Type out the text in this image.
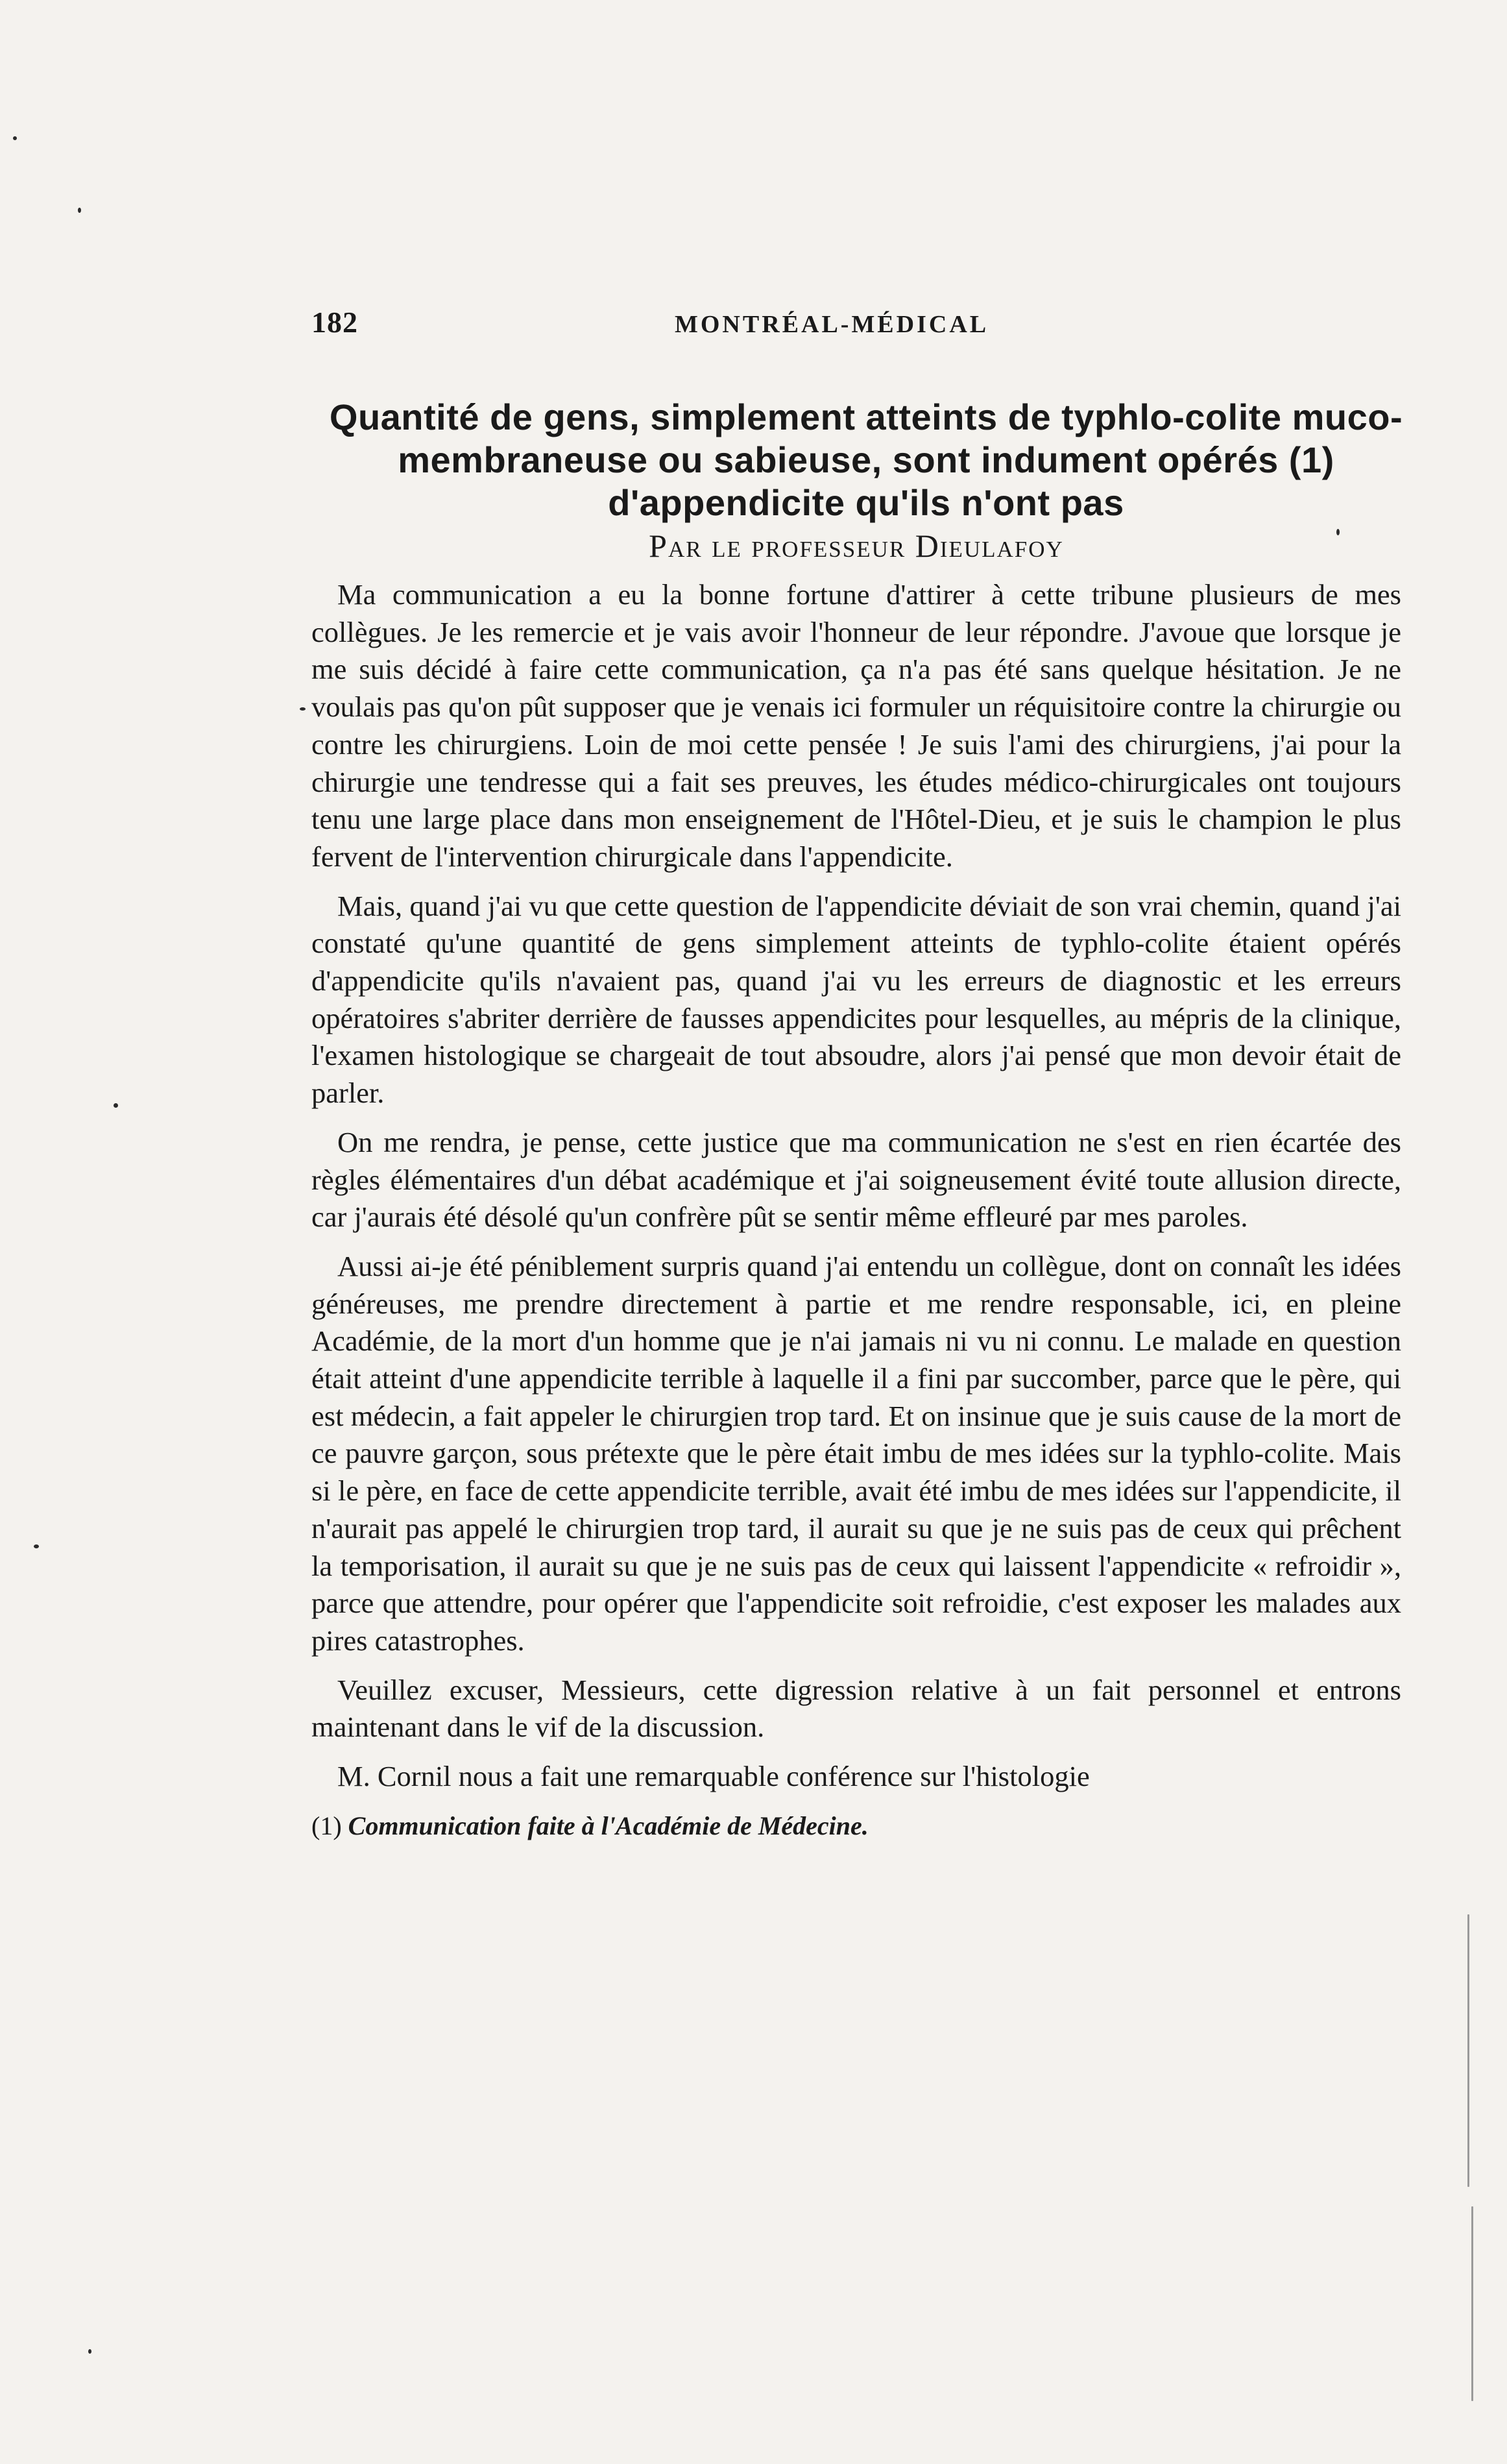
182	MONTRÉAL-MÉDICAL
Quantité de gens, simplement atteints de typhlo-colite muco-membraneuse ou sabieuse, sont indument opérés (1) d'appendicite qu'ils n'ont pas
Par le professeur Dieulafoy

Ma communication a eu la bonne fortune d'attirer à cette tribune plusieurs de mes collègues. Je les remercie et je vais avoir l'honneur de leur répondre. J'avoue que lorsque je me suis décidé à faire cette communication, ça n'a pas été sans quelque hésitation. Je ne voulais pas qu'on pût supposer que je venais ici formuler un réquisitoire contre la chirurgie ou contre les chirurgiens. Loin de moi cette pensée ! Je suis l'ami des chirurgiens, j'ai pour la chirurgie une tendresse qui a fait ses preuves, les études médico-chirurgicales ont toujours tenu une large place dans mon enseignement de l'Hôtel-Dieu, et je suis le champion le plus fervent de l'intervention chirurgicale dans l'appendicite.

Mais, quand j'ai vu que cette question de l'appendicite déviait de son vrai chemin, quand j'ai constaté qu'une quantité de gens simplement atteints de typhlo-colite étaient opérés d'appendicite qu'ils n'avaient pas, quand j'ai vu les erreurs de diagnostic et les erreurs opératoires s'abriter derrière de fausses appendicites pour lesquelles, au mépris de la clinique, l'examen histologique se chargeait de tout absoudre, alors j'ai pensé que mon devoir était de parler.

On me rendra, je pense, cette justice que ma communication ne s'est en rien écartée des règles élémentaires d'un débat académique et j'ai soigneusement évité toute allusion directe, car j'aurais été désolé qu'un confrère pût se sentir même effleuré par mes paroles.

Aussi ai-je été péniblement surpris quand j'ai entendu un collègue, dont on connaît les idées généreuses, me prendre directement à partie et me rendre responsable, ici, en pleine Académie, de la mort d'un homme que je n'ai jamais ni vu ni connu. Le malade en question était atteint d'une appendicite terrible à laquelle il a fini par succomber, parce que le père, qui est médecin, a fait appeler le chirurgien trop tard. Et on insinue que je suis cause de la mort de ce pauvre garçon, sous prétexte que le père était imbu de mes idées sur la typhlo-colite. Mais si le père, en face de cette appendicite terrible, avait été imbu de mes idées sur l'appendicite, il n'aurait pas appelé le chirurgien trop tard, il aurait su que je ne suis pas de ceux qui prêchent la temporisation, il aurait su que je ne suis pas de ceux qui laissent l'appendicite « refroidir », parce que attendre, pour opérer que l'appendicite soit refroidie, c'est exposer les malades aux pires catastrophes.

Veuillez excuser, Messieurs, cette digression relative à un fait personnel et entrons maintenant dans le vif de la discussion.

M. Cornil nous a fait une remarquable conférence sur l'histologie

(1) Communication faite à l'Académie de Médecine.
